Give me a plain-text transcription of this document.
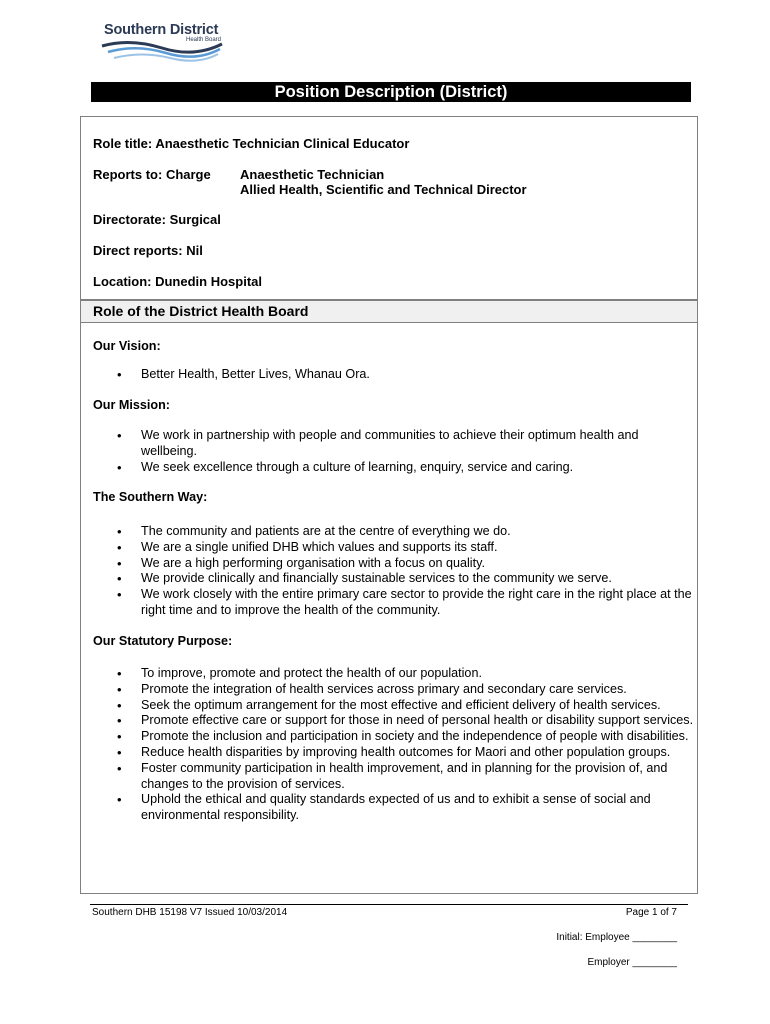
Southern District
Health Board
Position Description (District)
Role title: Anaesthetic Technician Clinical Educator
Reports to: Charge Anaesthetic Technician
Allied Health, Scientific and Technical Director
Directorate: Surgical
Direct reports: Nil
Location: Dunedin Hospital
Role of the District Health Board
Our Vision:
• Better Health, Better Lives, Whanau Ora.
Our Mission:
• We work in partnership with people and communities to achieve their optimum health and wellbeing.
• We seek excellence through a culture of learning, enquiry, service and caring.
The Southern Way:
• The community and patients are at the centre of everything we do.
• We are a single unified DHB which values and supports its staff.
• We are a high performing organisation with a focus on quality.
• We provide clinically and financially sustainable services to the community we serve.
• We work closely with the entire primary care sector to provide the right care in the right place at the right time and to improve the health of the community.
Our Statutory Purpose:
• To improve, promote and protect the health of our population.
• Promote the integration of health services across primary and secondary care services.
• Seek the optimum arrangement for the most effective and efficient delivery of health services.
• Promote effective care or support for those in need of personal health or disability support services.
• Promote the inclusion and participation in society and the independence of people with disabilities.
• Reduce health disparities by improving health outcomes for Maori and other population groups.
• Foster community participation in health improvement, and in planning for the provision of, and changes to the provision of services.
• Uphold the ethical and quality standards expected of us and to exhibit a sense of social and environmental responsibility.
Southern DHB 15198 V7 Issued 10/03/2014	Page 1 of 7
Initial: Employee ________
Employer ________
